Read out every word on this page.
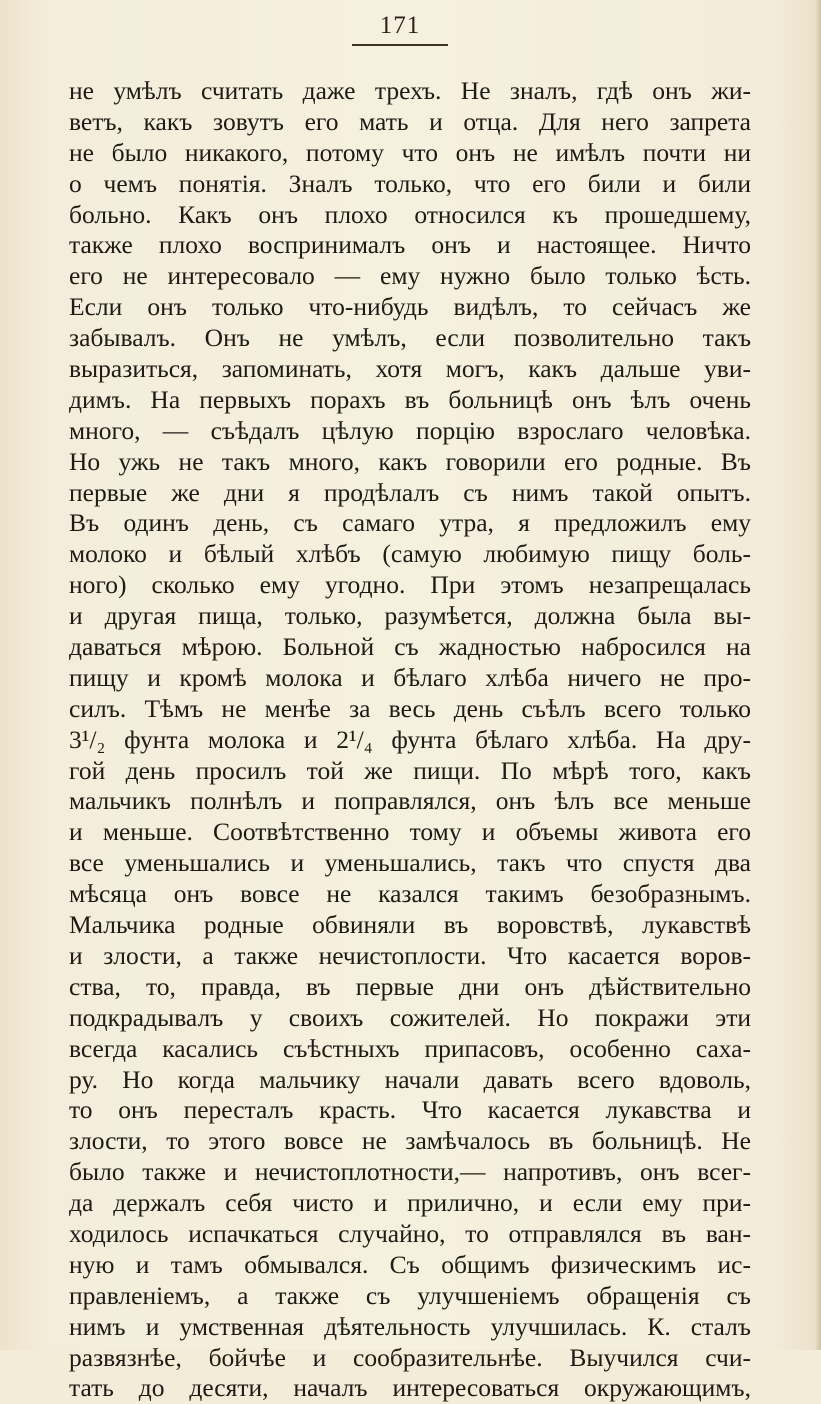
171
не умѣлъ считать даже трехъ. Не зналъ, гдѣ онъ жи-
ветъ, какъ зовутъ его мать и отца. Для него запрета
не было никакого, потому что онъ не имѣлъ почти ни
о чемъ понятія. Зналъ только, что его били и били
больно. Какъ онъ плохо относился къ прошедшему,
также плохо воспринималъ онъ и настоящее. Ничто
его не интересовало — ему нужно было только ѣсть.
Если онъ только что-нибудь видѣлъ, то сейчасъ же
забывалъ. Онъ не умѣлъ, если позволительно такъ
выразиться, запоминать, хотя могъ, какъ дальше уви-
димъ. На первыхъ порахъ въ больницѣ онъ ѣлъ очень
много, — съѣдалъ цѣлую порцію взрослаго человѣка.
Но ужь не такъ много, какъ говорили его родные. Въ
первые же дни я продѣлалъ съ нимъ такой опытъ.
Въ одинъ день, съ самаго утра, я предложилъ ему
молоко и бѣлый хлѣбъ (самую любимую пищу боль-
ного) сколько ему угодно. При этомъ незапрещалась
и другая пища, только, разумѣется, должна была вы-
даваться мѣрою. Больной съ жадностью набросился на
пищу и кромѣ молока и бѣлаго хлѣба ничего не про-
силъ. Тѣмъ не менѣе за весь день съѣлъ всего только
3¹/₂ фунта молока и 2¹/₄ фунта бѣлаго хлѣба. На дру-
гой день просилъ той же пищи. По мѣрѣ того, какъ
мальчикъ полнѣлъ и поправлялся, онъ ѣлъ все меньше
и меньше. Соотвѣтственно тому и объемы живота его
все уменьшались и уменьшались, такъ что спустя два
мѣсяца онъ вовсе не казался такимъ безобразнымъ.
Мальчика родные обвиняли въ воровствѣ, лукавствѣ
и злости, а также нечистоплости. Что касается воров-
ства, то, правда, въ первые дни онъ дѣйствительно
подкрадывалъ у своихъ сожителей. Но покражи эти
всегда касались съѣстныхъ припасовъ, особенно саха-
ру. Но когда мальчику начали давать всего вдоволь,
то онъ пересталъ красть. Что касается лукавства и
злости, то этого вовсе не замѣчалось въ больницѣ. Не
было также и нечистоплотности,— напротивъ, онъ всег-
да держалъ себя чисто и прилично, и если ему при-
ходилось испачкаться случайно, то отправлялся въ ван-
ную и тамъ обмывался. Съ общимъ физическимъ ис-
правленіемъ, а также съ улучшеніемъ обращенія съ
нимъ и умственная дѣятельность улучшилась. К. сталъ
развязнѣе, бойчѣе и сообразительнѣе. Выучился счи-
тать до десяти, началъ интересоваться окружающимъ,
